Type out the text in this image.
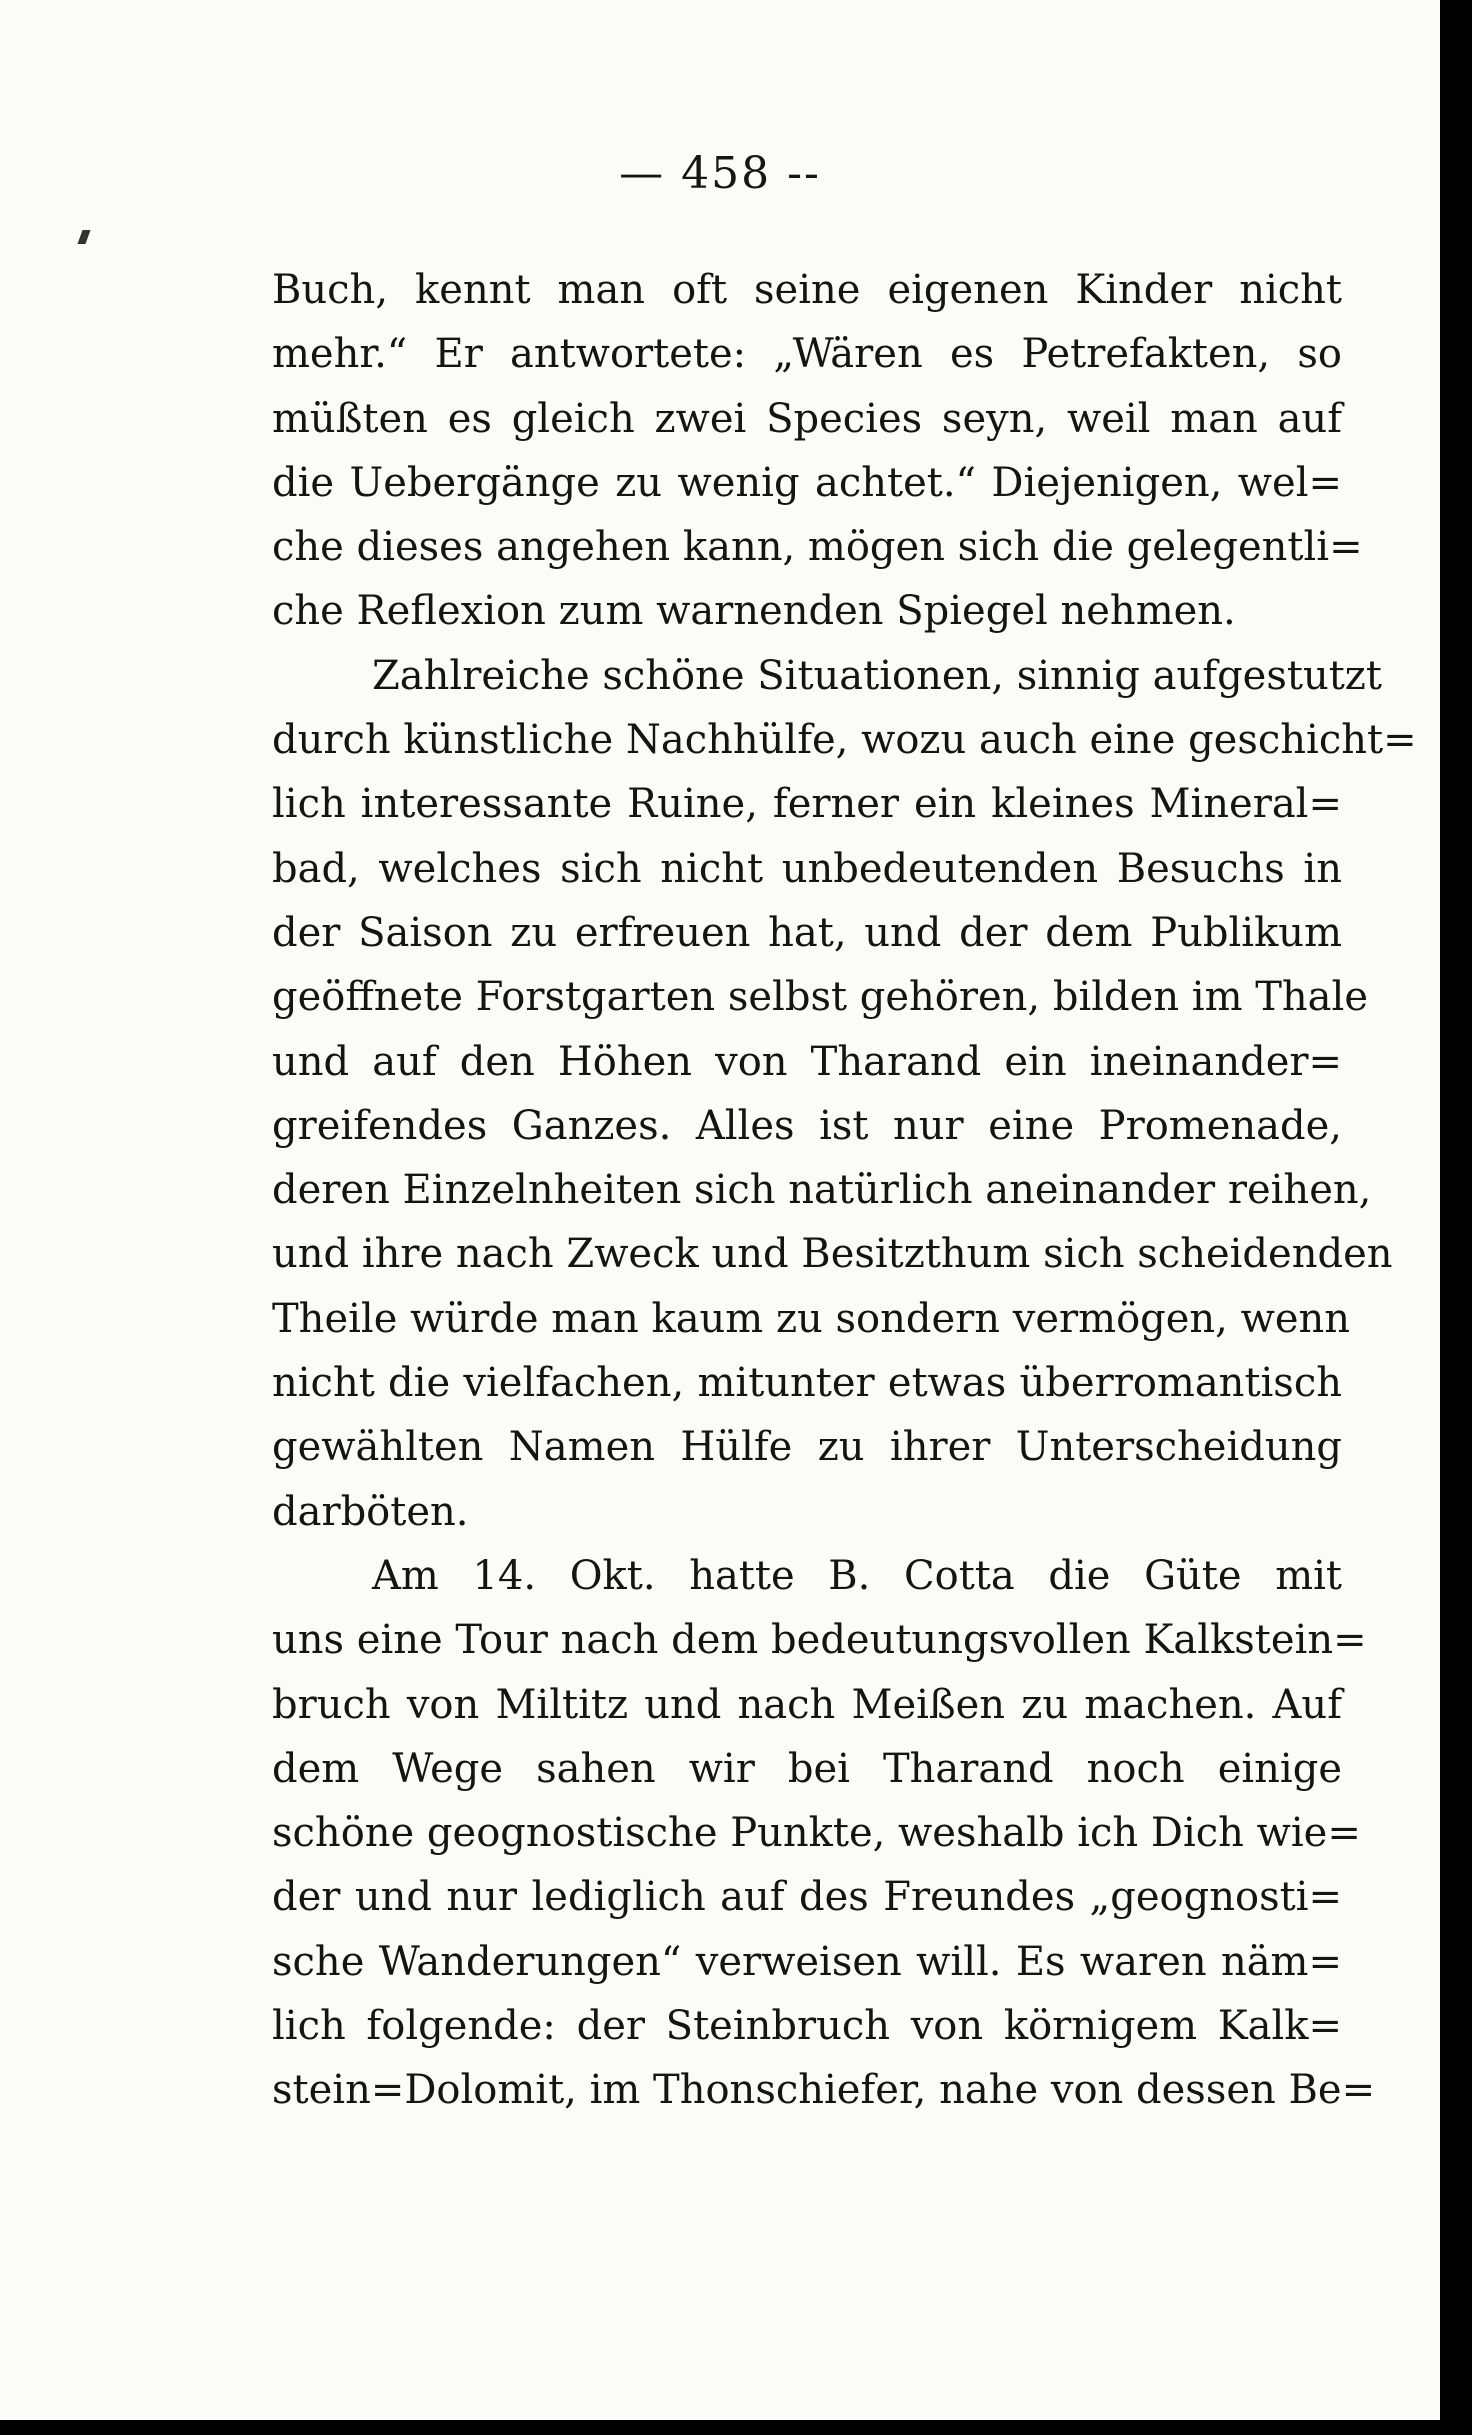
— 458 --

Buch, kennt man oft seine eigenen Kinder nicht
mehr.“ Er antwortete: „Wären es Petrefakten, so
müßten es gleich zwei Species seyn, weil man auf
die Uebergänge zu wenig achtet.“ Diejenigen, wel=
che dieses angehen kann, mögen sich die gelegentli=
che Reflexion zum warnenden Spiegel nehmen.

Zahlreiche schöne Situationen, sinnig aufgestutzt
durch künstliche Nachhülfe, wozu auch eine geschicht=
lich interessante Ruine, ferner ein kleines Mineral=
bad, welches sich nicht unbedeutenden Besuchs in
der Saison zu erfreuen hat, und der dem Publikum
geöffnete Forstgarten selbst gehören, bilden im Thale
und auf den Höhen von Tharand ein ineinander=
greifendes Ganzes. Alles ist nur eine Promenade,
deren Einzelnheiten sich natürlich aneinander reihen,
und ihre nach Zweck und Besitzthum sich scheidenden
Theile würde man kaum zu sondern vermögen, wenn
nicht die vielfachen, mitunter etwas überromantisch
gewählten Namen Hülfe zu ihrer Unterscheidung
darböten.

Am 14. Okt. hatte B. Cotta die Güte mit
uns eine Tour nach dem bedeutungsvollen Kalkstein=
bruch von Miltitz und nach Meißen zu machen. Auf
dem Wege sahen wir bei Tharand noch einige
schöne geognostische Punkte, weshalb ich Dich wie=
der und nur lediglich auf des Freundes „geognosti=
sche Wanderungen“ verweisen will. Es waren näm=
lich folgende: der Steinbruch von körnigem Kalk=
stein=Dolomit, im Thonschiefer, nahe von dessen Be=
